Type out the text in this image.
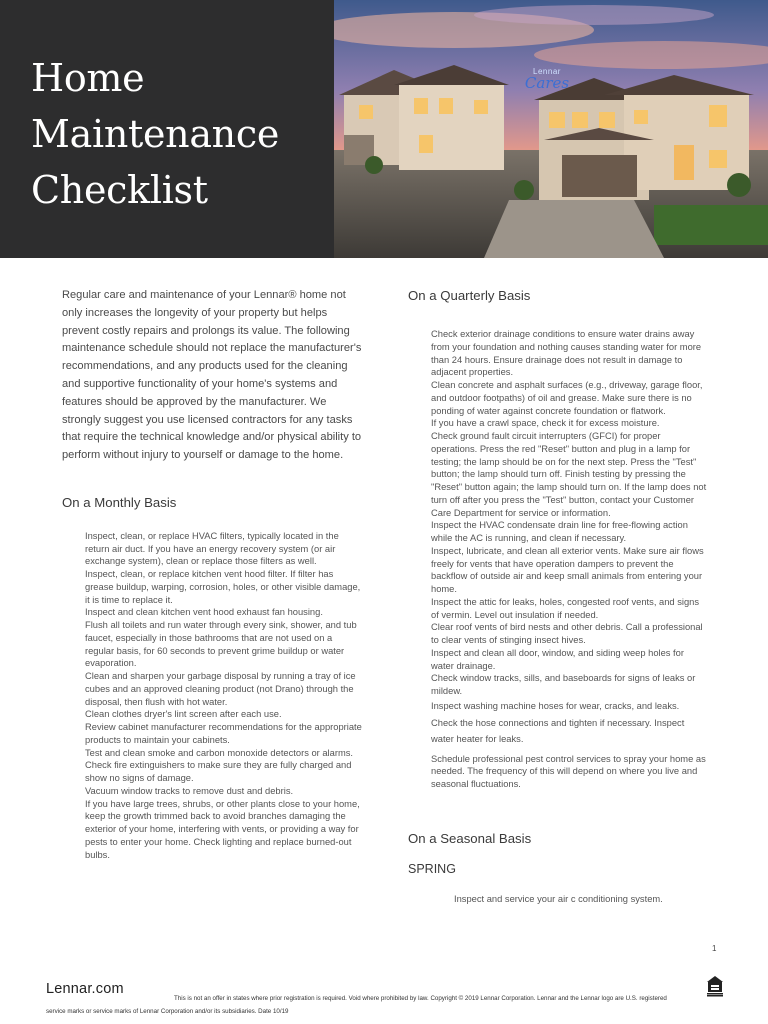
Home
Maintenance
Checklist
Lennar
Cares

Regular care and maintenance of your Lennar® home not only increases the longevity of your property but helps prevent costly repairs and prolongs its value. The following maintenance schedule should not replace the manufacturer's recommendations, and any products used for the cleaning and supportive functionality of your home's systems and features should be approved by the manufacturer. We strongly suggest you use licensed contractors for any tasks that require the technical knowledge and/or physical ability to perform without injury to yourself or damage to the home.

On a Monthly Basis
Inspect, clean, or replace HVAC filters, typically located in the return air duct. If you have an energy recovery system (or air exchange system), clean or replace those filters as well.
Inspect, clean, or replace kitchen vent hood filter. If filter has grease buildup, warping, corrosion, holes, or other visible damage, it is time to replace it.
Inspect and clean kitchen vent hood exhaust fan housing.
Flush all toilets and run water through every sink, shower, and tub faucet, especially in those bathrooms that are not used on a regular basis, for 60 seconds to prevent grime buildup or water evaporation.
Clean and sharpen your garbage disposal by running a tray of ice cubes and an approved cleaning product (not Drano) through the disposal, then flush with hot water.
Clean clothes dryer's lint screen after each use.
Review cabinet manufacturer recommendations for the appropriate products to maintain your cabinets.
Test and clean smoke and carbon monoxide detectors or alarms.
Check fire extinguishers to make sure they are fully charged and show no signs of damage.
Vacuum window tracks to remove dust and debris.
If you have large trees, shrubs, or other plants close to your home, keep the growth trimmed back to avoid branches damaging the exterior of your home, interfering with vents, or providing a way for pests to enter your home. Check lighting and replace burned-out bulbs.
On a Quarterly Basis
Check exterior drainage conditions to ensure water drains away from your foundation and nothing causes standing water for more than 24 hours. Ensure drainage does not result in damage to adjacent properties.
Clean concrete and asphalt surfaces (e.g., driveway, garage floor, and outdoor footpaths) of oil and grease. Make sure there is no ponding of water against concrete foundation or flatwork.
If you have a crawl space, check it for excess moisture.
Check ground fault circuit interrupters (GFCI) for proper operations. Press the red "Reset" button and plug in a lamp for testing; the lamp should be on for the next step. Press the "Test" button; the lamp should turn off. Finish testing by pressing the "Reset" button again; the lamp should turn on. If the lamp does not turn off after you press the "Test" button, contact your Customer Care Department for service or information.
Inspect the HVAC condensate drain line for free-flowing action while the AC is running, and clean if necessary.
Inspect, lubricate, and clean all exterior vents. Make sure air flows freely for vents that have operation dampers to prevent the backflow of outside air and keep small animals from entering your home.
Inspect the attic for leaks, holes, congested roof vents, and signs of vermin. Level out insulation if needed.
Clear roof vents of bird nests and other debris. Call a professional to clear vents of stinging insect hives.
Inspect and clean all door, window, and siding weep holes for water drainage.
Check window tracks, sills, and baseboards for signs of leaks or mildew.
Inspect washing machine hoses for wear, cracks, and leaks.
Check the hose connections and tighten if necessary. Inspect water heater for leaks.
Schedule professional pest control services to spray your home as needed. The frequency of this will depend on where you live and seasonal fluctuations.
On a Seasonal Basis
SPRING
Inspect and service your air c conditioning system.
1
Lennar.com

This is not an offer in states where prior registration is required. Void where prohibited by law. Copyright © 2019 Lennar Corporation. Lennar and the Lennar logo are U.S. registered service marks or service marks of Lennar Corporation and/or its subsidiaries. Date 10/19
